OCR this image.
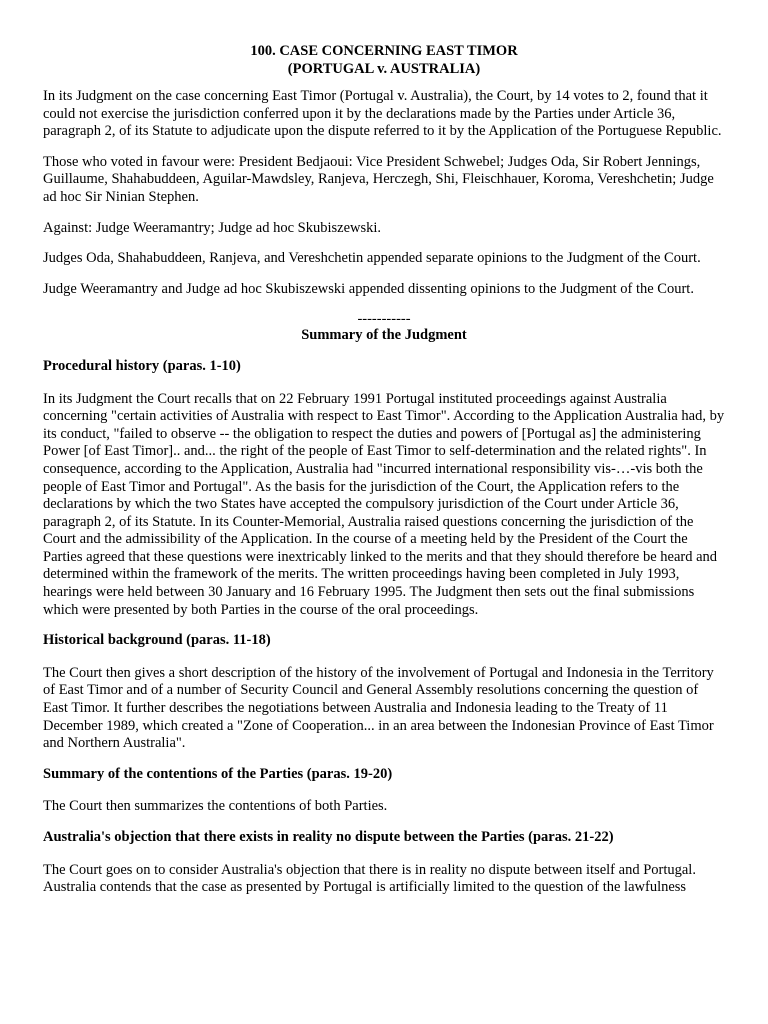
100. CASE CONCERNING EAST TIMOR
(PORTUGAL v. AUSTRALIA)

In its Judgment on the case concerning East Timor (Portugal v. Australia), the Court, by 14 votes to 2, found that it could not exercise the jurisdiction conferred upon it by the declarations made by the Parties under Article 36, paragraph 2, of its Statute to adjudicate upon the dispute referred to it by the Application of the Portuguese Republic.

Those who voted in favour were: President Bedjaoui: Vice President Schwebel; Judges Oda, Sir Robert Jennings, Guillaume, Shahabuddeen, Aguilar-Mawdsley, Ranjeva, Herczegh, Shi, Fleischhauer, Koroma, Vereshchetin; Judge ad hoc Sir Ninian Stephen.

Against: Judge Weeramantry; Judge ad hoc Skubiszewski.

Judges Oda, Shahabuddeen, Ranjeva, and Vereshchetin appended separate opinions to the Judgment of the Court.

Judge Weeramantry and Judge ad hoc Skubiszewski appended dissenting opinions to the Judgment of the Court.

-----------

Summary of the Judgment

Procedural history (paras. 1-10)

In its Judgment the Court recalls that on 22 February 1991 Portugal instituted proceedings against Australia concerning "certain activities of Australia with respect to East Timor". According to the Application Australia had, by its conduct, "failed to observe -- the obligation to respect the duties and powers of [Portugal as] the administering Power [of East Timor].. and... the right of the people of East Timor to self-determination and the related rights". In consequence, according to the Application, Australia had "incurred international responsibility vis-…-vis both the people of East Timor and Portugal". As the basis for the jurisdiction of the Court, the Application refers to the declarations by which the two States have accepted the compulsory jurisdiction of the Court under Article 36, paragraph 2, of its Statute. In its Counter-Memorial, Australia raised questions concerning the jurisdiction of the Court and the admissibility of the Application. In the course of a meeting held by the President of the Court the Parties agreed that these questions were inextricably linked to the merits and that they should therefore be heard and determined within the framework of the merits. The written proceedings having been completed in July 1993, hearings were held between 30 January and 16 February 1995. The Judgment then sets out the final submissions which were presented by both Parties in the course of the oral proceedings.

Historical background (paras. 11-18)

The Court then gives a short description of the history of the involvement of Portugal and Indonesia in the Territory of East Timor and of a number of Security Council and General Assembly resolutions concerning the question of East Timor. It further describes the negotiations between Australia and Indonesia leading to the Treaty of 11 December 1989, which created a "Zone of Cooperation... in an area between the Indonesian Province of East Timor and Northern Australia".

Summary of the contentions of the Parties (paras. 19-20)

The Court then summarizes the contentions of both Parties.

Australia's objection that there exists in reality no dispute between the Parties (paras. 21-22)

The Court goes on to consider Australia's objection that there is in reality no dispute between itself and Portugal. Australia contends that the case as presented by Portugal is artificially limited to the question of the lawfulness
